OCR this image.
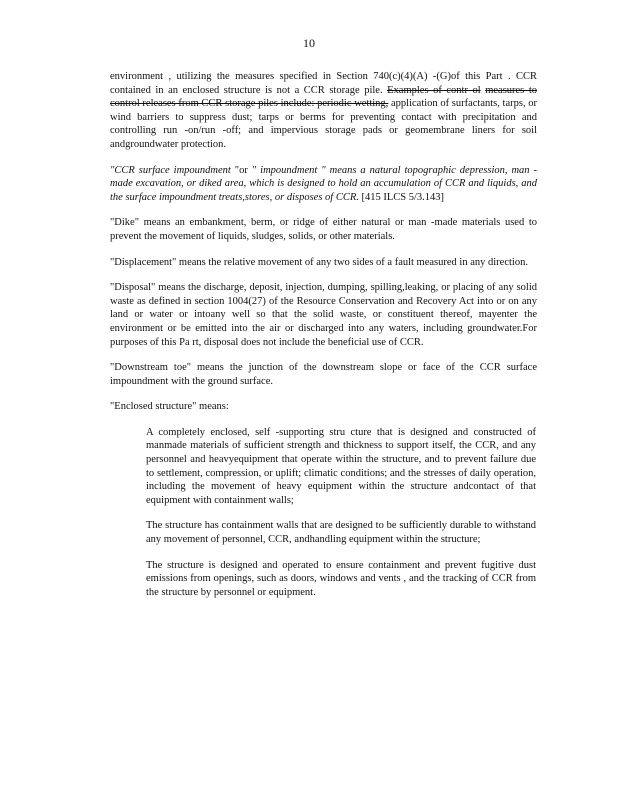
10

environment , utilizing the measures specified in Section 740(c)(4)(A) -(G)of this Part . CCR contained in an enclosed structure is not a CCR storage pile. Examples of contr ol measures to control releases from CCR storage piles include: periodic wetting, application of surfactants, tarps, or wind barriers to suppress dust; tarps or berms for preventing contact with precipitation and controlling run -on/run -off; and impervious storage pads or geomembrane liners for soil andgroundwater protection.

"CCR surface impoundment "or " impoundment " means a natural topographic depression, man -made excavation, or diked area, which is designed to hold an accumulation of CCR and liquids, and the surface impoundment treats,stores, or disposes of CCR. [415 ILCS 5/3.143]

"Dike" means an embankment, berm, or ridge of either natural or man -made materials used to prevent the movement of liquids, sludges, solids, or other materials.

"Displacement" means the relative movement of any two sides of a fault measured in any direction.

"Disposal" means the discharge, deposit, injection, dumping, spilling,leaking, or placing of any solid waste as defined in section 1004(27) of the Resource Conservation and Recovery Act into or on any land or water or intoany well so that the solid waste, or constituent thereof, mayenter the environment or be emitted into the air or discharged into any waters, including groundwater.For purposes of this Pa rt, disposal does not include the beneficial use of CCR.

"Downstream toe" means the junction of the downstream slope or face of the CCR surface impoundment with the ground surface.

"Enclosed structure" means:

A completely enclosed, self -supporting stru cture that is designed and constructed of manmade materials of sufficient strength and thickness to support itself, the CCR, and any personnel and heavyequipment that operate within the structure, and to prevent failure due to settlement, compression, or uplift; climatic conditions; and the stresses of daily operation, including the movement of heavy equipment within the structure andcontact of that equipment with containment walls;

The structure has containment walls that are designed to be sufficiently durable to withstand any movement of personnel, CCR, andhandling equipment within the structure;

The structure is designed and operated to ensure containment and prevent fugitive dust emissions from openings, such as doors, windows and vents , and the tracking of CCR from the structure by personnel or equipment.
